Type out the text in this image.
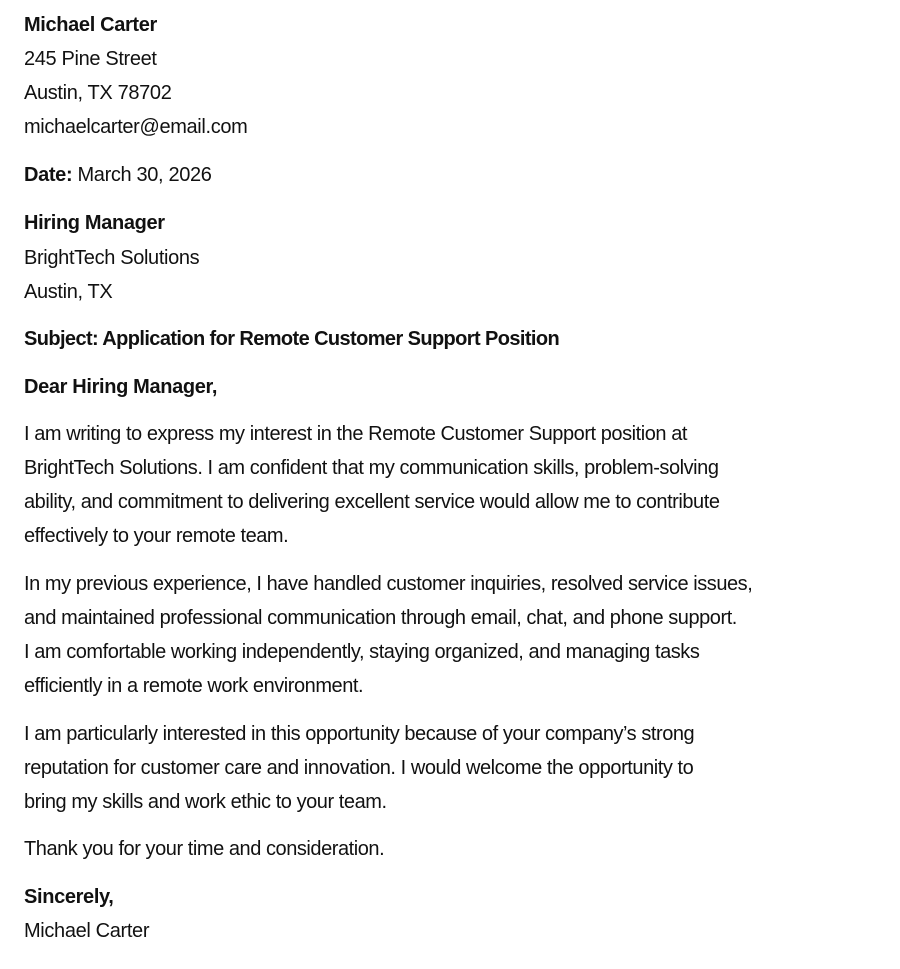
Michael Carter
245 Pine Street
Austin, TX 78702
michaelcarter@email.com
Date: March 30, 2026
Hiring Manager
BrightTech Solutions
Austin, TX
Subject: Application for Remote Customer Support Position
Dear Hiring Manager,
I am writing to express my interest in the Remote Customer Support position at
BrightTech Solutions. I am confident that my communication skills, problem-solving
ability, and commitment to delivering excellent service would allow me to contribute
effectively to your remote team.
In my previous experience, I have handled customer inquiries, resolved service issues,
and maintained professional communication through email, chat, and phone support.
I am comfortable working independently, staying organized, and managing tasks
efficiently in a remote work environment.
I am particularly interested in this opportunity because of your company’s strong
reputation for customer care and innovation. I would welcome the opportunity to
bring my skills and work ethic to your team.
Thank you for your time and consideration.
Sincerely,
Michael Carter
